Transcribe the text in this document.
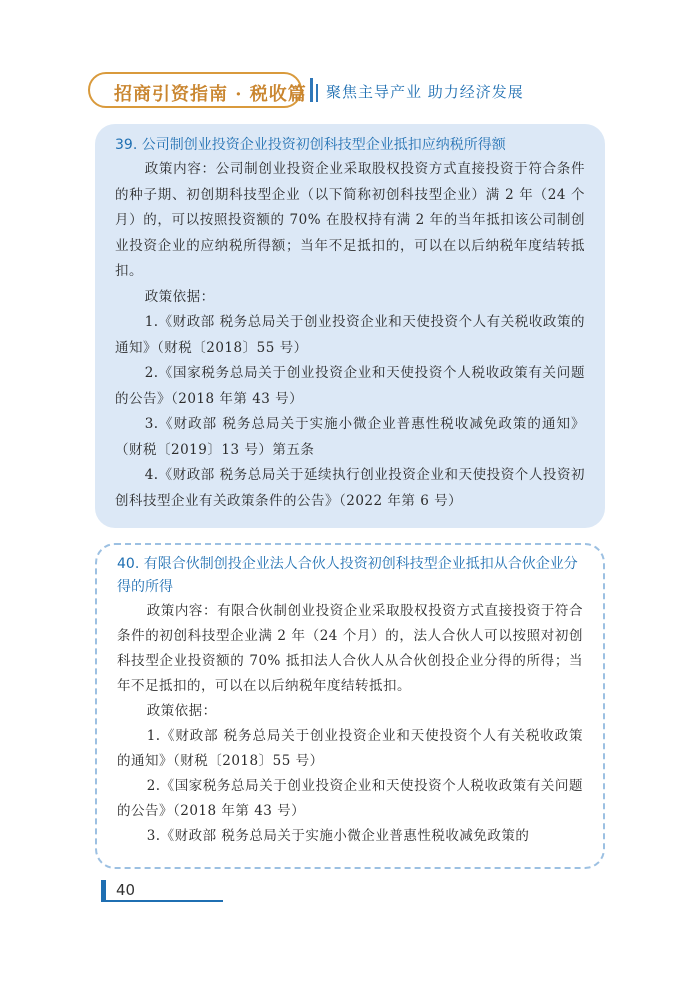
招商引资指南 · 税收篇 聚焦主导产业 助力经济发展

39. 公司制创业投资企业投资初创科技型企业抵扣应纳税所得额

政策内容：公司制创业投资企业采取股权投资方式直接投资于符合条件的种子期、初创期科技型企业（以下简称初创科技型企业）满 2 年（24 个月）的，可以按照投资额的 70% 在股权持有满 2 年的当年抵扣该公司制创业投资企业的应纳税所得额；当年不足抵扣的，可以在以后纳税年度结转抵扣。

政策依据：

1.《财政部 税务总局关于创业投资企业和天使投资个人有关税收政策的通知》（财税〔2018〕55 号）

2.《国家税务总局关于创业投资企业和天使投资个人税收政策有关问题的公告》（2018 年第 43 号）

3.《财政部 税务总局关于实施小微企业普惠性税收减免政策的通知》（财税〔2019〕13 号）第五条

4.《财政部 税务总局关于延续执行创业投资企业和天使投资个人投资初创科技型企业有关政策条件的公告》（2022 年第 6 号）

40. 有限合伙制创投企业法人合伙人投资初创科技型企业抵扣从合伙企业分得的所得

政策内容：有限合伙制创业投资企业采取股权投资方式直接投资于符合条件的初创科技型企业满 2 年（24 个月）的，法人合伙人可以按照对初创科技型企业投资额的 70% 抵扣法人合伙人从合伙创投企业分得的所得；当年不足抵扣的，可以在以后纳税年度结转抵扣。

政策依据：

1.《财政部 税务总局关于创业投资企业和天使投资个人有关税收政策的通知》（财税〔2018〕55 号）

2.《国家税务总局关于创业投资企业和天使投资个人税收政策有关问题的公告》（2018 年第 43 号）

3.《财政部 税务总局关于实施小微企业普惠性税收减免政策的

40
